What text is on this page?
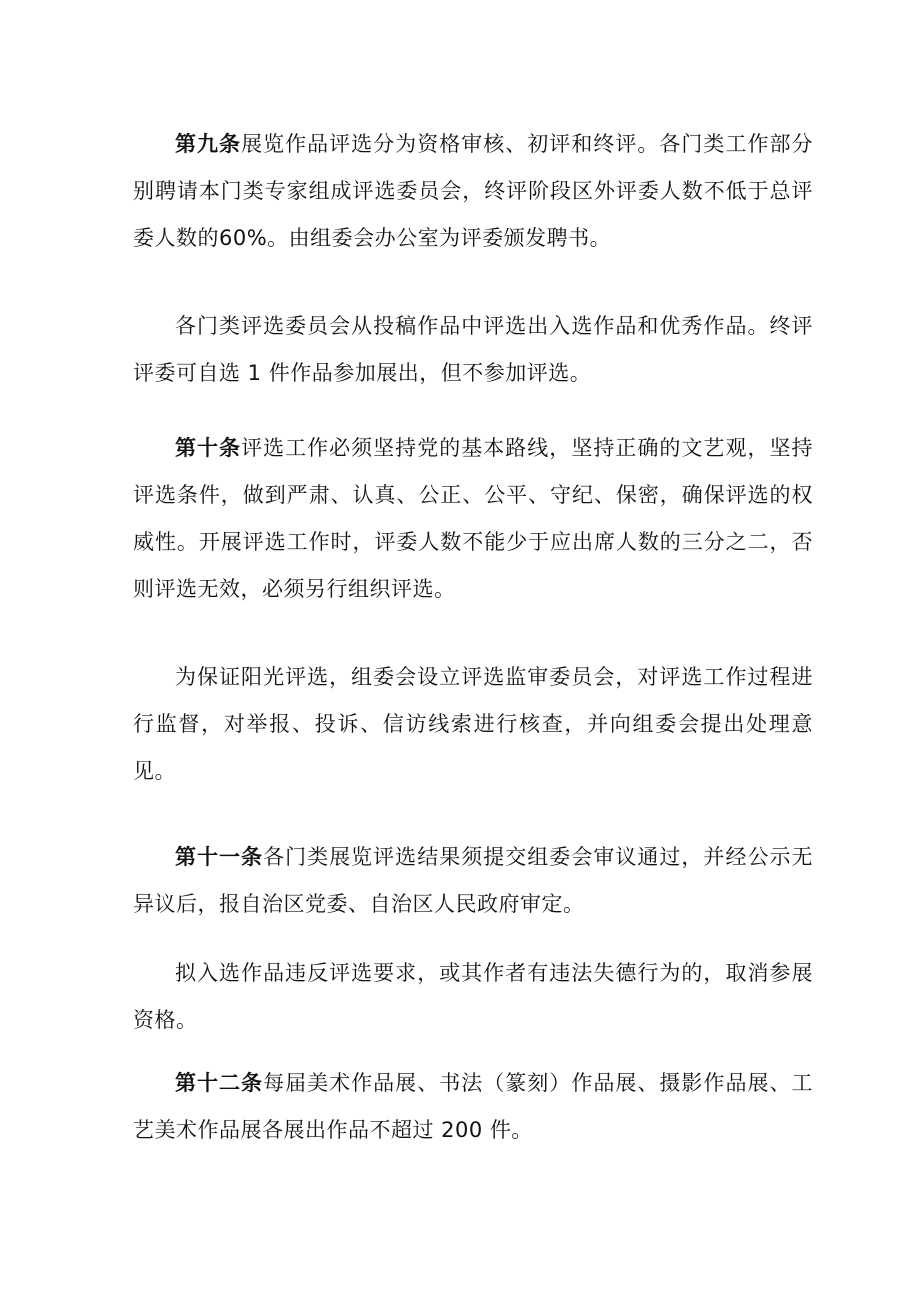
第九条展览作品评选分为资格审核、初评和终评。各门类工作部分别聘请本门类专家组成评选委员会，终评阶段区外评委人数不低于总评委人数的60%。由组委会办公室为评委颁发聘书。

各门类评选委员会从投稿作品中评选出入选作品和优秀作品。终评评委可自选 1 件作品参加展出，但不参加评选。

第十条评选工作必须坚持党的基本路线，坚持正确的文艺观，坚持评选条件，做到严肃、认真、公正、公平、守纪、保密，确保评选的权威性。开展评选工作时，评委人数不能少于应出席人数的三分之二，否则评选无效，必须另行组织评选。

为保证阳光评选，组委会设立评选监审委员会，对评选工作过程进行监督，对举报、投诉、信访线索进行核查，并向组委会提出处理意见。

第十一条各门类展览评选结果须提交组委会审议通过，并经公示无异议后，报自治区党委、自治区人民政府审定。

拟入选作品违反评选要求，或其作者有违法失德行为的，取消参展资格。

第十二条每届美术作品展、书法（篆刻）作品展、摄影作品展、工艺美术作品展各展出作品不超过 200 件。
